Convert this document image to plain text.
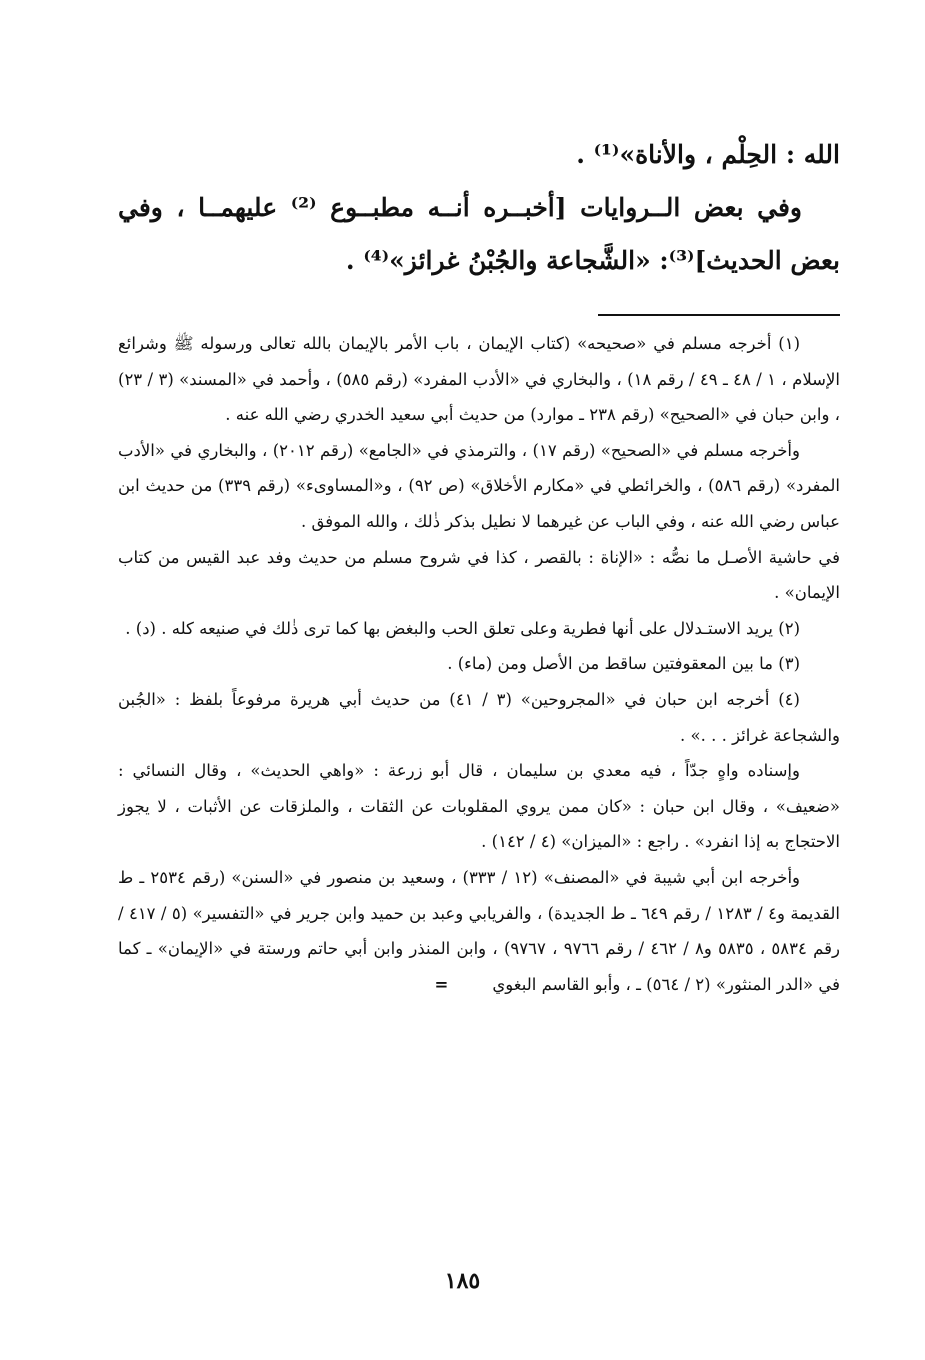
الله : الحِلْم ، والأناة»⁽¹⁾ .

وفي بعض الــروايات [أخبــره أنــه مطبــوع ⁽²⁾ عليهمــا ، وفي بعض الحديث]⁽³⁾: «الشَّجاعة والجُبْنُ غرائز»⁽⁴⁾ .

(١) أخرجه مسلم في «صحيحه» (كتاب الإيمان ، باب الأمر بالإيمان بالله تعالى ورسوله ﷺ وشرائع الإسلام ، ١ / ٤٨ ـ ٤٩ / رقم ١٨) ، والبخاري في «الأدب المفرد» (رقم ٥٨٥) ، وأحمد في «المسند» (٣ / ٢٣) ، وابن حبان في «الصحيح» (رقم ٢٣٨ ـ موارد) من حديث أبي سعيد الخدري رضي الله عنه .

وأخرجه مسلم في «الصحيح» (رقم ١٧) ، والترمذي في «الجامع» (رقم ٢٠١٢) ، والبخاري في «الأدب المفرد» (رقم ٥٨٦) ، والخرائطي في «مكارم الأخلاق» (ص ٩٢) ، و«المساوىء» (رقم ٣٣٩) من حديث ابن عباس رضي الله عنه ، وفي الباب عن غيرهما لا نطيل بذكر ذٰلك ، والله الموفق .

في حاشية الأصـل ما نصُّه : «الإناة : بالقصر ، كذا في شروح مسلم من حديث وفد عبد القيس من كتاب الإيمان» .

(٢) يريد الاستـدلال على أنها فطرية وعلى تعلق الحب والبغض بها كما ترى ذٰلك في صنيعه كله . (د) .

(٣) ما بين المعقوفتين ساقط من الأصل ومن (ماء) .

(٤) أخرجه ابن حبان في «المجروحين» (٣ / ٤١) من حديث أبي هريرة مرفوعاً بلفظ : «الجُبن والشجاعة غرائز . . .» .

وإسناده واهٍ جدّاً ، فيه معدي بن سليمان ، قال أبو زرعة : «واهي الحديث» ، وقال النسائي : «ضعيف» ، وقال ابن حبان : «كان ممن يروي المقلوبات عن الثقات ، والملزقات عن الأثبات ، لا يجوز الاحتجاج به إذا انفرد» . راجع : «الميزان» (٤ / ١٤٢) .

وأخرجه ابن أبي شيبة في «المصنف» (١٢ / ٣٣٣) ، وسعيد بن منصور في «السنن» (رقم ٢٥٣٤ ـ ط القديمة و٤ / ١٢٨٣ / رقم ٦٤٩ ـ ط الجديدة) ، والفريابي وعبد بن حميد وابن جرير في «التفسير» (٥ / ٤١٧ / رقم ٥٨٣٤ ، ٥٨٣٥ و٨ / ٤٦٢ / رقم ٩٧٦٦ ، ٩٧٦٧) ، وابن المنذر وابن أبي حاتم ورستة في «الإيمان» ـ كما في «الدر المنثور» (٢ / ٥٦٤) ـ ، وأبو القاسم البغوي=

١٨٥
